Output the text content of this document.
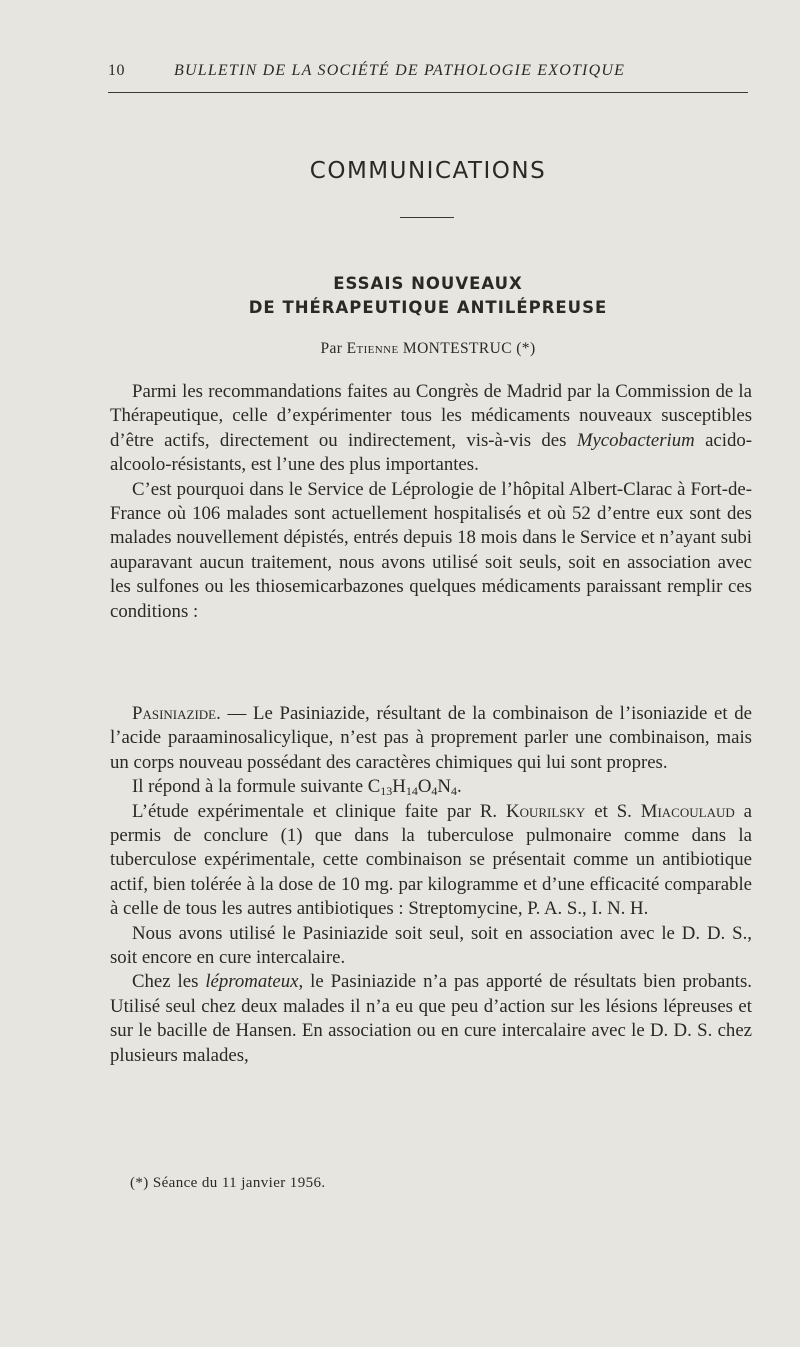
10	BULLETIN DE LA SOCIÉTÉ DE PATHOLOGIE EXOTIQUE
COMMUNICATIONS
ESSAIS NOUVEAUX
DE THÉRAPEUTIQUE ANTILÉPREUSE
Par Etienne MONTESTRUC (*)

Parmi les recommandations faites au Congrès de Madrid par la Commission de la Thérapeutique, celle d’expérimenter tous les médicaments nouveaux susceptibles d’être actifs, directement ou indirectement, vis-à-vis des Mycobacterium acido-alcoolo-résistants, est l’une des plus importantes.

C’est pourquoi dans le Service de Léprologie de l’hôpital Albert-Clarac à Fort-de-France où 106 malades sont actuellement hospitalisés et où 52 d’entre eux sont des malades nouvellement dépistés, entrés depuis 18 mois dans le Service et n’ayant subi auparavant aucun traitement, nous avons utilisé soit seuls, soit en association avec les sulfones ou les thiosemicarbazones quelques médicaments paraissant remplir ces conditions :

Pasiniazide. — Le Pasiniazide, résultant de la combinaison de l’isoniazide et de l’acide paraaminosalicylique, n’est pas à proprement parler une combinaison, mais un corps nouveau possédant des caractères chimiques qui lui sont propres.

Il répond à la formule suivante $C_{13}H_{14}O_4N_4$.

L’étude expérimentale et clinique faite par R. Kourilsky et S. Miacoulaud a permis de conclure (1) que dans la tuberculose pulmonaire comme dans la tuberculose expérimentale, cette combinaison se présentait comme un antibiotique actif, bien tolérée à la dose de 10 mg. par kilogramme et d’une efficacité comparable à celle de tous les autres antibiotiques : Streptomycine, P. A. S., I. N. H.

Nous avons utilisé le Pasiniazide soit seul, soit en association avec le D. D. S., soit encore en cure intercalaire.

Chez les lépromateux, le Pasiniazide n’a pas apporté de résultats bien probants. Utilisé seul chez deux malades il n’a eu que peu d’action sur les lésions lépreuses et sur le bacille de Hansen. En association ou en cure intercalaire avec le D. D. S. chez plusieurs malades,

(*) Séance du 11 janvier 1956.
